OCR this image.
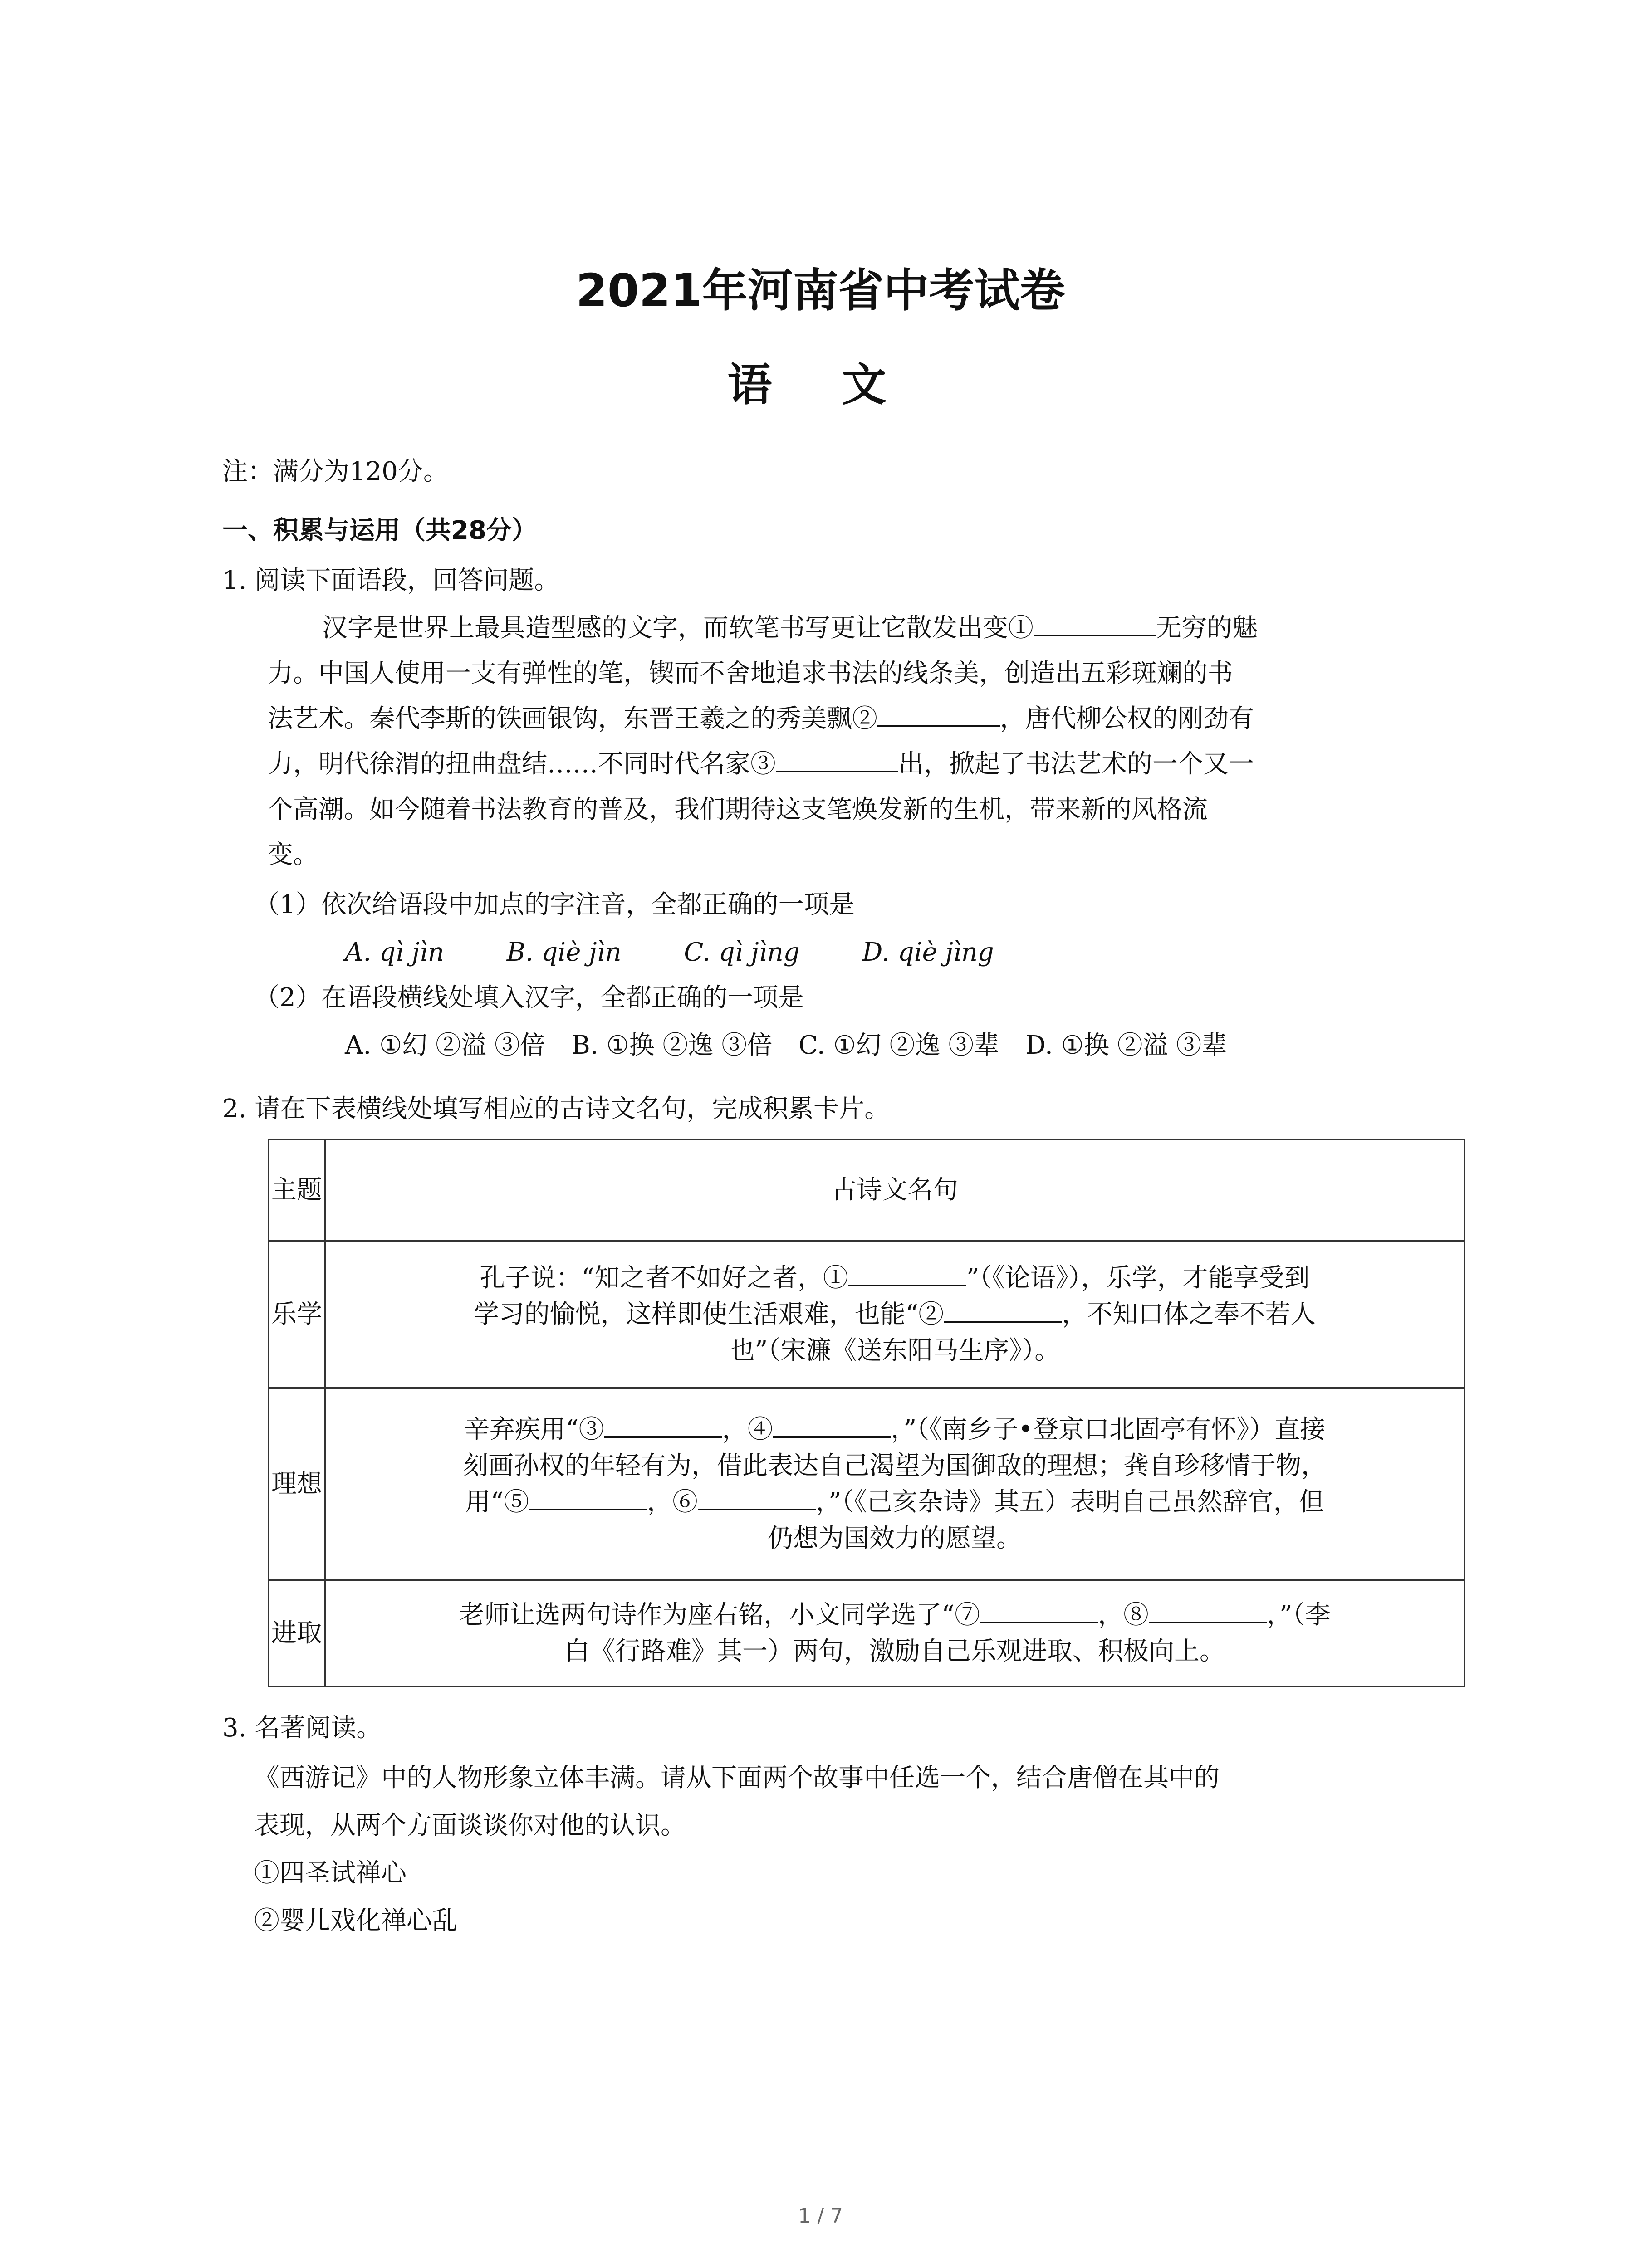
2021年河南省中考试卷
语 文
注：满分为120分。
一、积累与运用（共28分）
1. 阅读下面语段，回答问题。
汉字是世界上最具造型感的文字，而软笔书写更让它散发出变①	无穷的魅
力。中国人使用一支有弹性的笔，锲而不舍地追求书法的线条美，创造出五彩斑斓的书
法艺术。秦代李斯的铁画银钩，东晋王羲之的秀美飘②	，唐代柳公权的刚劲有
力，明代徐渭的扭曲盘结……不同时代名家③	出，掀起了书法艺术的一个又一
个高潮。如今随着书法教育的普及，我们期待这支笔焕发新的生机，带来新的风格流
变。
（1）依次给语段中加点的字注音，全都正确的一项是
A. qì jìn B. qiè jìn C. qì jìng D. qiè jìng
（2）在语段横线处填入汉字，全都正确的一项是
A. ①幻 ②溢 ③倍 B. ①换 ②逸 ③倍 C. ①幻 ②逸 ③辈 D. ①换 ②溢 ③辈
2. 请在下表横线处填写相应的古诗文名句，完成积累卡片。
主题	古诗文名句
乐学	孔子说：“知之者不如好之者，① ”（《论语》），乐学，才能享受到
学习的愉悦，这样即使生活艰难，也能“② ，不知口体之奉不若人
也”（宋濂《送东阳马生序》）。

理想	辛弃疾用“③ ，④ ，”（《南乡子•登京口北固亭有怀》）直接
刻画孙权的年轻有为，借此表达自己渴望为国御敌的理想；龚自珍移情于物，
用“⑤ ，⑥ ，”（《己亥杂诗》其五）表明自己虽然辞官，但
仍想为国效力的愿望。

进取	老师让选两句诗作为座右铭，小文同学选了“⑦ ，⑧ ，”（李
白《行路难》其一）两句，激励自己乐观进取、积极向上。
3. 名著阅读。
《西游记》中的人物形象立体丰满。请从下面两个故事中任选一个，结合唐僧在其中的
表现，从两个方面谈谈你对他的认识。
①四圣试禅心
②婴儿戏化禅心乱
1 / 7
